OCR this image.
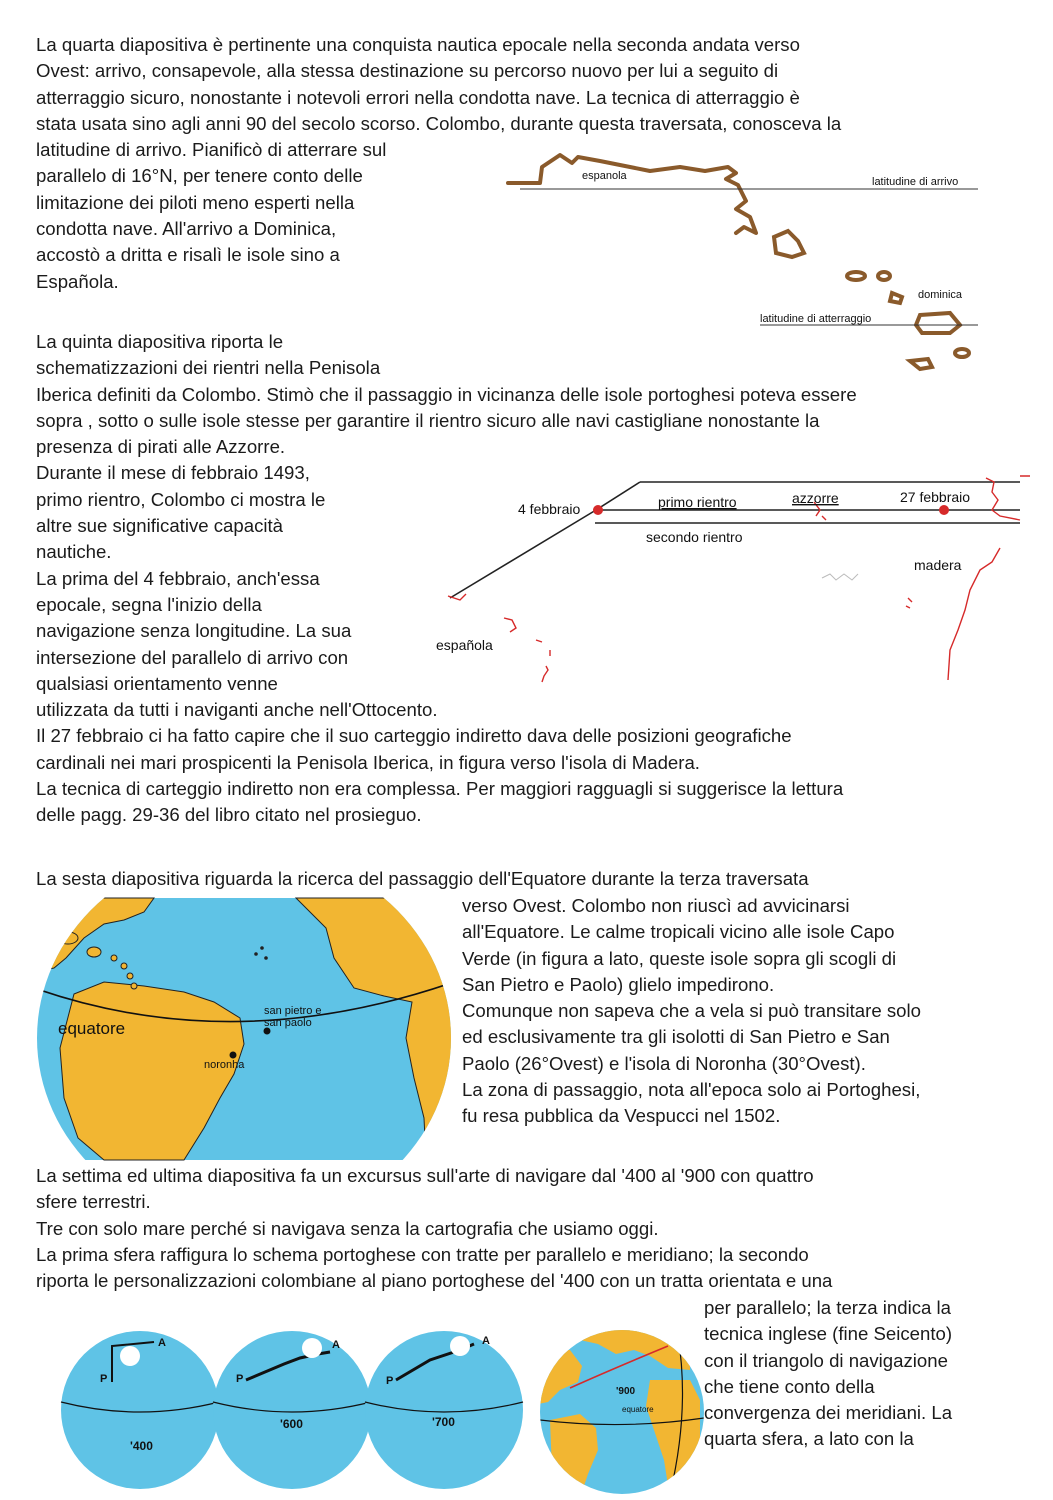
La quarta diapositiva è pertinente una conquista nautica epocale nella seconda andata verso
Ovest: arrivo, consapevole, alla stessa destinazione su percorso nuovo per lui a seguito di
atterraggio sicuro, nonostante i notevoli errori nella condotta nave. La tecnica di atterraggio è
stata usata sino agli anni 90 del secolo scorso. Colombo, durante questa traversata, conosceva la
latitudine di arrivo. Pianificò di atterrare sul
parallelo di 16°N, per tenere conto delle
limitazione dei piloti meno esperti nella
condotta nave. All'arrivo a Dominica,
accostò a dritta e risalì le isole sino a
Española.
espanola	latitudine di arrivo
dominica
latitudine di atterraggio
La quinta diapositiva riporta le
schematizzazioni dei rientri nella Penisola
Iberica definiti da Colombo. Stimò che il passaggio in vicinanza delle isole portoghesi poteva essere
sopra , sotto o sulle isole stesse per garantire il rientro sicuro alle navi castigliane nonostante la
presenza di pirati alle Azzorre.
Durante il mese di febbraio 1493,
primo rientro, Colombo ci mostra le
altre sue significative capacità
nautiche.
La prima del 4 febbraio, anch'essa
epocale, segna l'inizio della
navigazione senza longitudine. La sua
intersezione del parallelo di arrivo con
qualsiasi orientamento venne
utilizzata da tutti i naviganti anche nell'Ottocento.
Il 27 febbraio ci ha fatto capire che il suo carteggio indiretto dava delle posizioni geografiche
cardinali nei mari prospicenti la Penisola Iberica, in figura verso l'isola di Madera.
La tecnica di carteggio indiretto non era complessa. Per maggiori ragguagli si suggerisce la lettura
delle pagg. 29-36 del libro citato nel prosieguo.
4 febbraio	primo rientro	azzorre	27 febbraio
secondo rientro
madera
española
La sesta diapositiva riguarda la ricerca del passaggio dell'Equatore durante la terza traversata
verso Ovest. Colombo non riuscì ad avvicinarsi
all'Equatore. Le calme tropicali vicino alle isole Capo
Verde (in figura a lato, queste isole sopra gli scogli di
San Pietro e Paolo) glielo impedirono.
Comunque non sapeva che a vela si può transitare solo
ed esclusivamente tra gli isolotti di San Pietro e San
Paolo (26°Ovest) e l'isola di Noronha (30°Ovest).
La zona di passaggio, nota all'epoca solo ai Portoghesi,
fu resa pubblica da Vespucci nel 1502.
equatore
san pietro e
san paolo
noronha
La settima ed ultima diapositiva fa un excursus sull'arte di navigare dal '400 al '900 con quattro
sfere terrestri.
Tre con solo mare perché si navigava senza la cartografia che usiamo oggi.
La prima sfera raffigura lo schema portoghese con tratte per parallelo e meridiano; la secondo
riporta le personalizzazioni colombiane al piano portoghese del '400 con un tratta orientata e una
per parallelo; la terza indica la
tecnica inglese (fine Seicento)
con il triangolo di navigazione
che tiene conto della
convergenza dei meridiani. La
quarta sfera, a lato con la
A
P
'400
A
P
'600
A
P
'700
'900
equatore
